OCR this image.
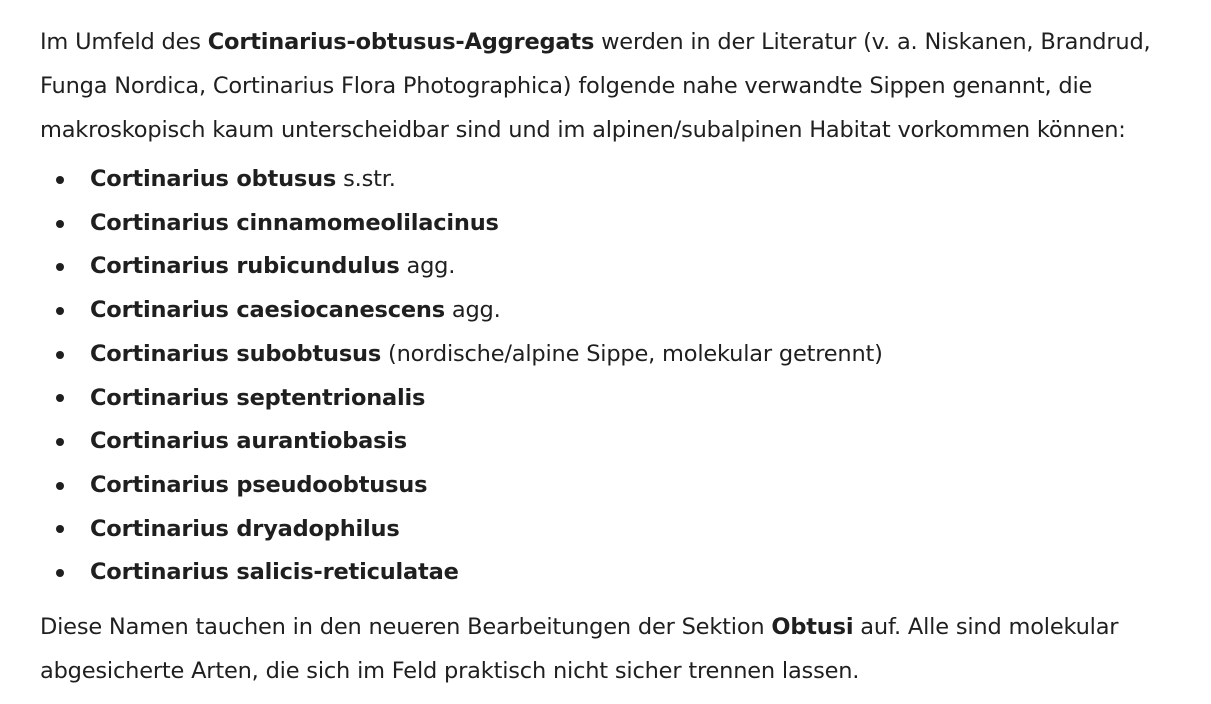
Im Umfeld des Cortinarius-obtusus-Aggregats werden in der Literatur (v. a. Niskanen, Brandrud, Funga Nordica, Cortinarius Flora Photographica) folgende nahe verwandte Sippen genannt, die makroskopisch kaum unterscheidbar sind und im alpinen/subalpinen Habitat vorkommen können:

Cortinarius obtusus s.str.
Cortinarius cinnamomeolilacinus
Cortinarius rubicundulus agg.
Cortinarius caesiocanescens agg.
Cortinarius subobtusus (nordische/alpine Sippe, molekular getrennt)
Cortinarius septentrionalis
Cortinarius aurantiobasis
Cortinarius pseudoobtusus
Cortinarius dryadophilus
Cortinarius salicis-reticulatae

Diese Namen tauchen in den neueren Bearbeitungen der Sektion Obtusi auf. Alle sind molekular abgesicherte Arten, die sich im Feld praktisch nicht sicher trennen lassen.
